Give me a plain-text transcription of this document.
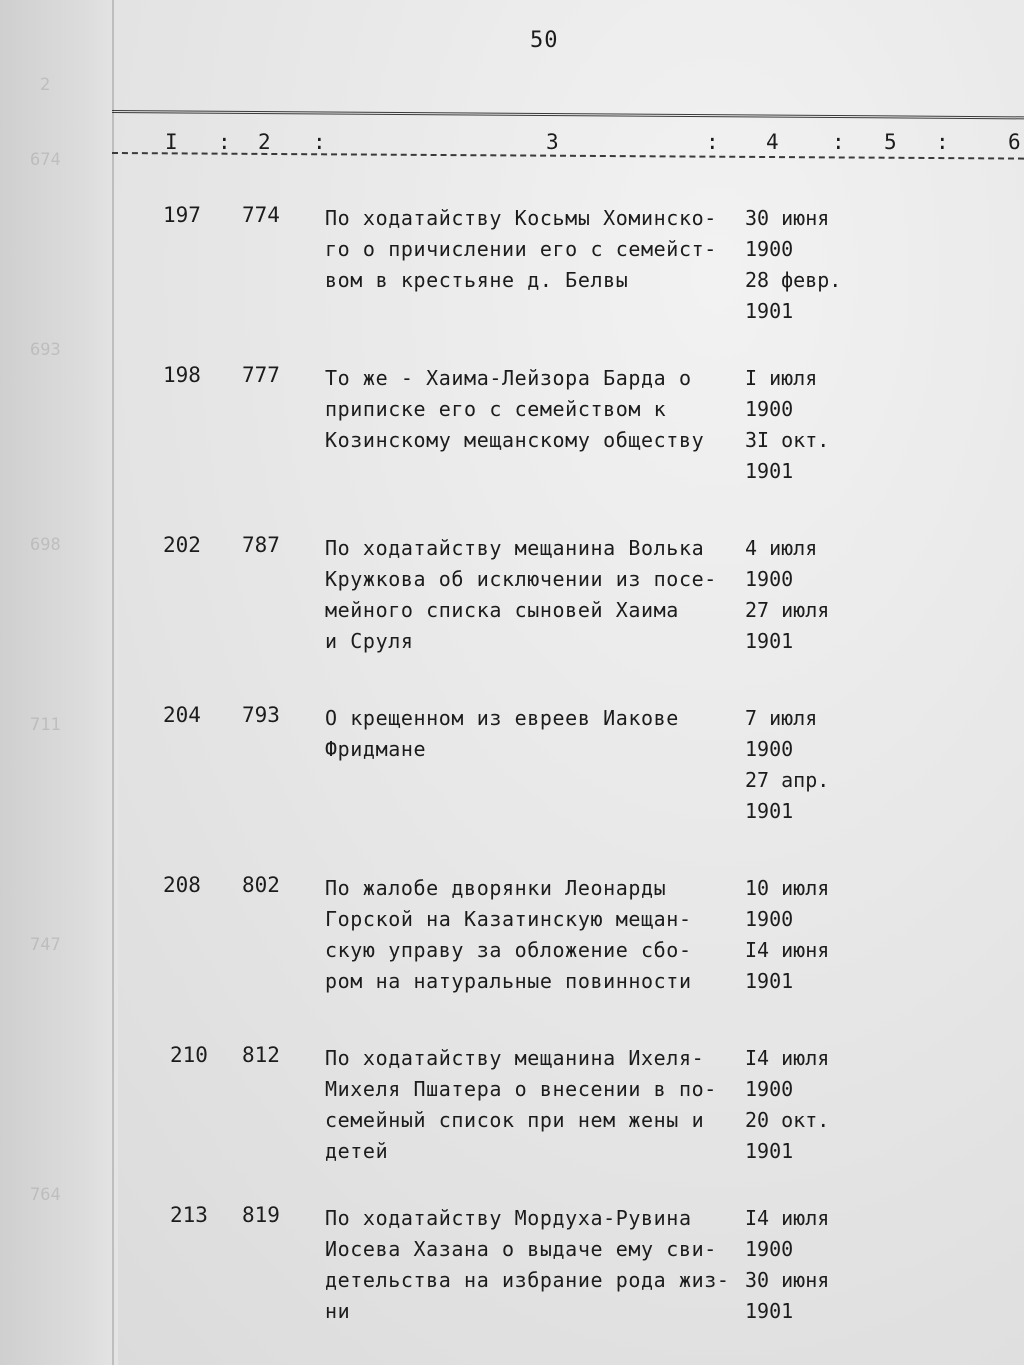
2
674
693
698
711
747
764
50
I : 2 :	3	: 4	: 5 :	6
197 774 По ходатайству Косьмы Хоминско-
го о причислении его с семейст-
вом в крестьяне д. Белвы
30 июня
1900
28 февр.
1901
198 777 То же - Хаима-Лейзора Барда о
приписке его с семейством к
Козинскому мещанскому обществу
I июля
1900
3I окт.
1901
202 787 По ходатайству мещанина Волька
Кружкова об исключении из посе-
мейного списка сыновей Хаима
и Сруля
4 июля
1900
27 июля
1901
204 793 О крещенном из евреев Иакове
Фридмане
7 июля
1900
27 апр.
1901
208 802 По жалобе дворянки Леонарды
Горской на Казатинскую мещан-
скую управу за обложение сбо-
ром на натуральные повинности
10 июля
1900
I4 июня
1901
210 812 По ходатайству мещанина Ихеля-
Михеля Пшатера о внесении в по-
семейный список при нем жены и
детей
I4 июля
1900
20 окт.
1901
213 819 По ходатайству Мордуха-Рувина
Иосева Хазана о выдаче ему сви-
детельства на избрание рода жиз-
ни
I4 июля
1900
30 июня
1901
